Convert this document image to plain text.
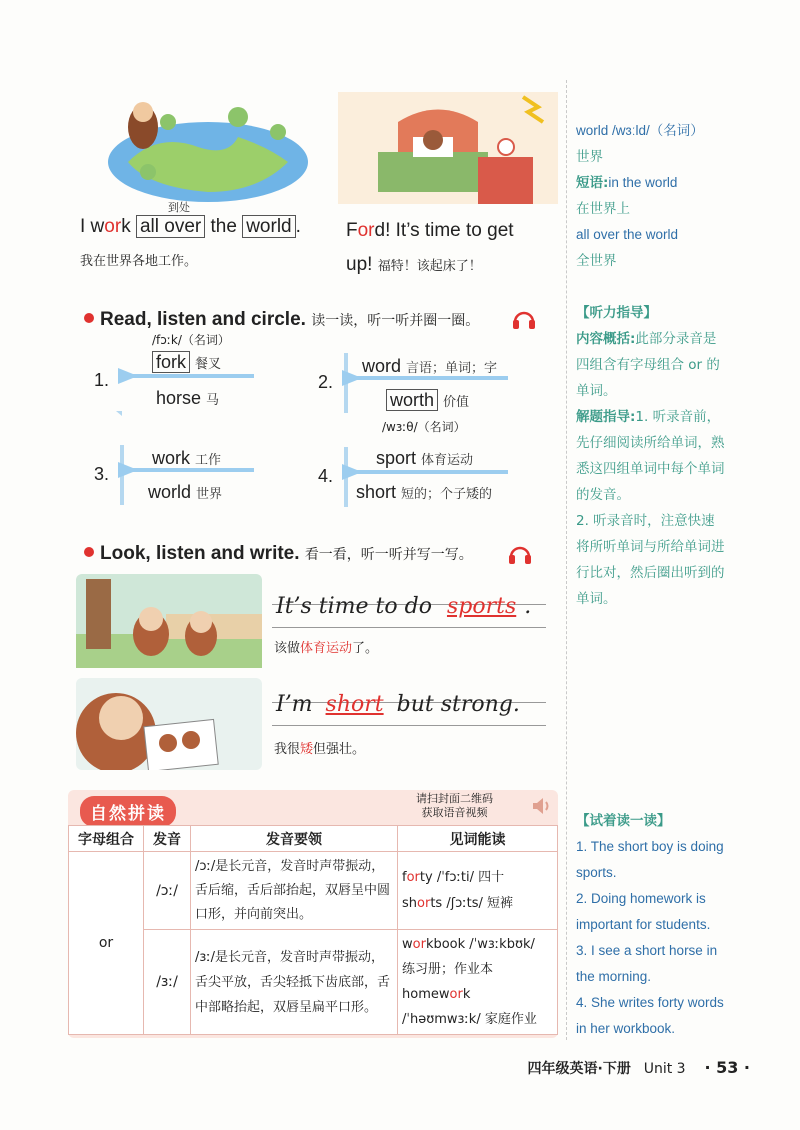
到处
I work all over the world .
我在世界各地工作。
Ford! It’s time to get
up! 福特！该起床了！
world /wɜːld/（名词）
世界
短语:in the world
在世界上
all over the world
全世界
【听力指导】
内容概括:此部分录音是四组含有字母组合 or 的单词。
解题指导:1. 听录音前，先仔细阅读所给单词，熟悉这四组单词中每个单词的发音。
2. 听录音时，注意快速将所听单词与所给单词进行比对，然后圈出听到的单词。
Read, listen and circle. 读一读，听一听并圈一圈。
/fɔːk/（名词）
1.
fork 餐叉
horse 马
2.
word 言语；单词；字
worth 价值
/wɜːθ/（名词）
3.
work 工作
world 世界
4.
sport 体育运动
short 短的；个子矮的
Look, listen and write. 看一看，听一听并写一写。
It’s time to do sports .
该做体育运动了。
I’m short but strong.
我很矮但强壮。
自然拼读
请扫封面二维码
获取语音视频
字母组合	发音	发音要领	见词能读
or	/ɔː/	/ɔː/是长元音，发音时声带振动，舌后缩，舌后部抬起，双唇呈中圆口形，并向前突出。	forty /ˈfɔːti/ 四十
shorts /ʃɔːts/ 短裤

	/ɜː/	/ɜː/是长元音，发音时声带振动，舌尖平放，舌尖轻抵下齿底部，舌中部略抬起，双唇呈扁平口形。	workbook /ˈwɜːkbʊk/
练习册；作业本
homework
/ˈhəʊmwɜːk/ 家庭作业
【试着读一读】
1. The short boy is doing sports.
2. Doing homework is important for students.
3. I see a short horse in the morning.
4. She writes forty words in her workbook.
四年级英语·下册 Unit 3 · 53 ·
